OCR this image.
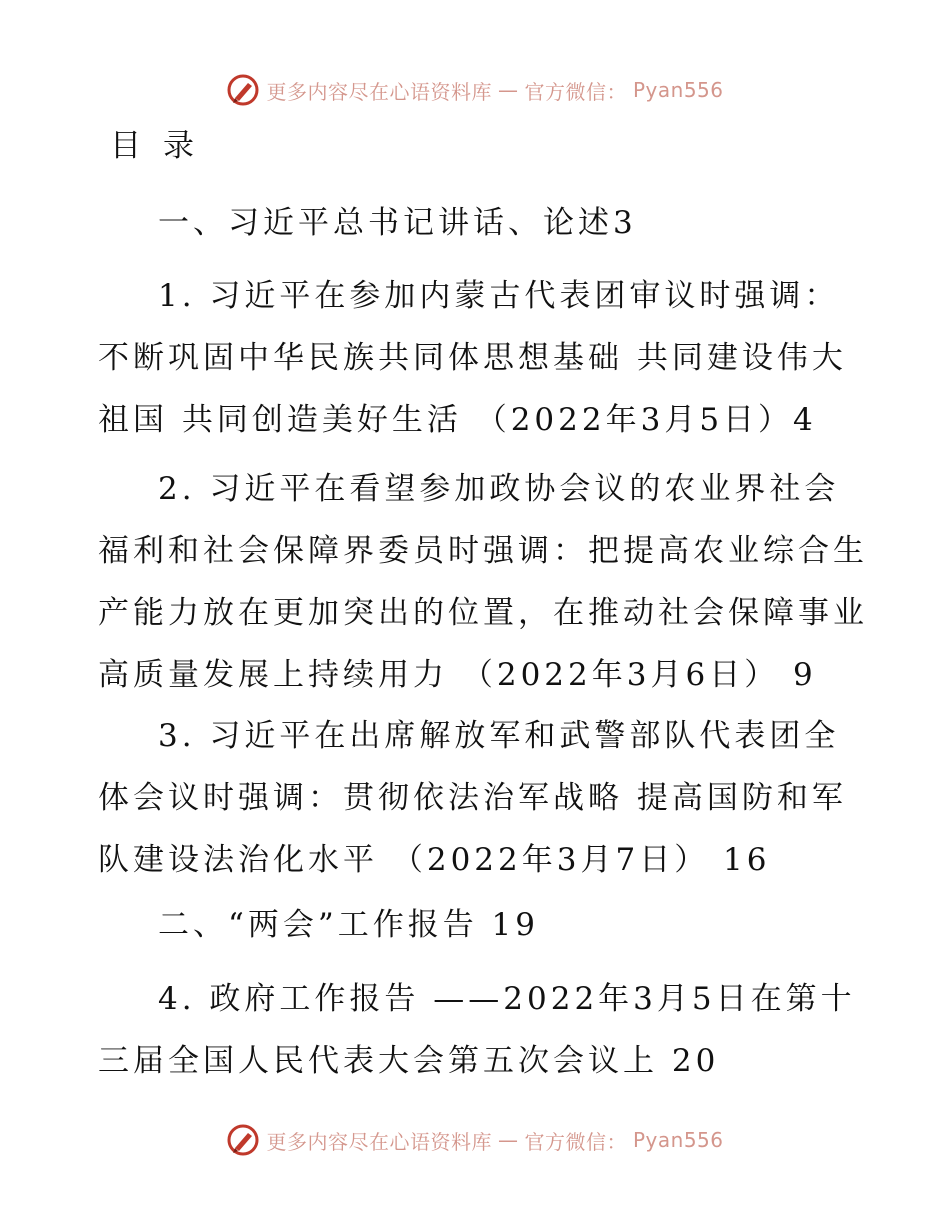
更多内容尽在心语资料库 — 官方微信： Pyan556
目录

一、习近平总书记讲话、论述3

1. 习近平在参加内蒙古代表团审议时强调：不断巩固中华民族共同体思想基础 共同建设伟大祖国 共同创造美好生活 （2022年3月5日）4

2. 习近平在看望参加政协会议的农业界社会福利和社会保障界委员时强调：把提高农业综合生产能力放在更加突出的位置，在推动社会保障事业高质量发展上持续用力 （2022年3月6日） 9

3. 习近平在出席解放军和武警部队代表团全体会议时强调：贯彻依法治军战略 提高国防和军队建设法治化水平 （2022年3月7日） 16

二、“两会”工作报告 19

4. 政府工作报告 ——2022年3月5日在第十三届全国人民代表大会第五次会议上 20

更多内容尽在心语资料库 — 官方微信： Pyan556
